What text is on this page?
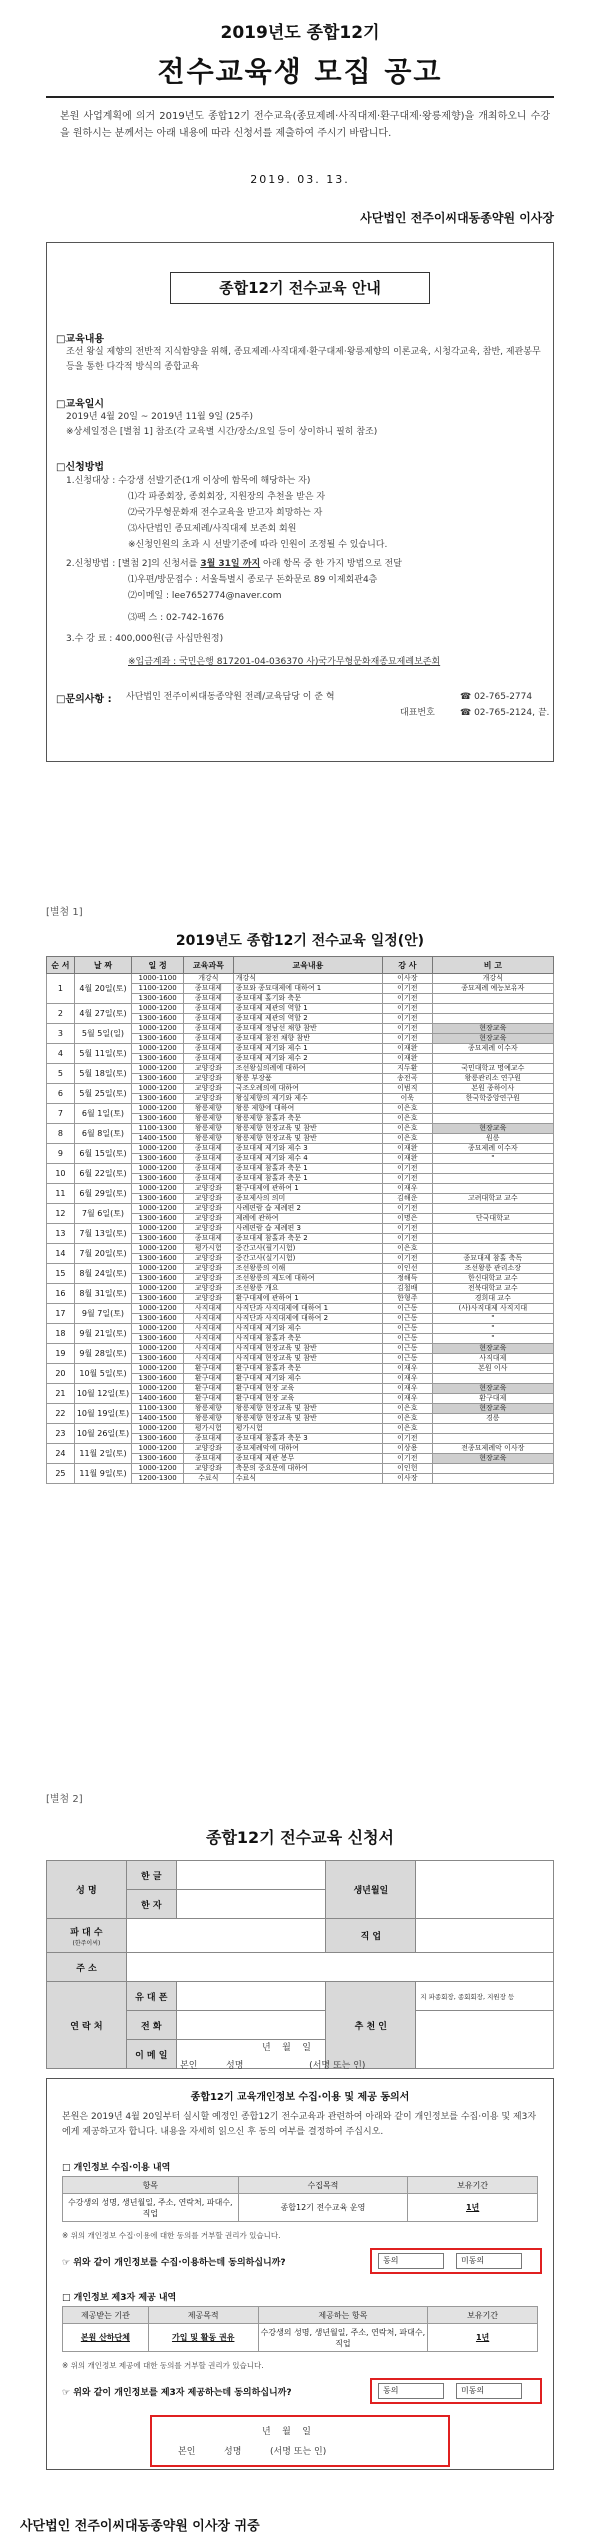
2019년도 종합12기
전수교육생 모집 공고
본원 사업계획에 의거 2019년도 종합12기 전수교육(종묘제례·사직대제·환구대제·왕릉제향)을 개최하오니 수강을 원하시는 분께서는 아래 내용에 따라 신청서를 제출하여 주시기 바랍니다.
2019. 03. 13.
사단법인 전주이씨대동종약원 이사장
종합12기 전수교육 안내
□교육내용
조선 왕실 제향의 전반적 지식함양을 위해, 종묘제례·사직대제·환구대제·왕릉제향의 이론교육, 시청각교육, 참반, 제관봉무 등을 통한 다각적 방식의 종합교육
□교육일시
2019년 4월 20일 ~ 2019년 11월 9일 (25주)
※상세일정은 [별첨 1] 참조(각 교육별 시간/장소/요일 등이 상이하니 필히 참조)
□신청방법
1.신청대상 : 수강생 선발기준(1개 이상에 함목에 해당하는 자)
⑴각 파종회장, 종회회장, 지원장의 추천을 받은 자
⑵국가무형문화재 전수교육을 받고자 희망하는 자
⑶사단법인 종묘제례/사직대제 보존회 회원
※신청인원의 초과 시 선발기준에 따라 인원이 조정될 수 있습니다.
2.신청방법 : [별첨 2]의 신청서를 3월 31일 까지 아래 항목 중 한 가지 방법으로 전달
⑴우편/방문접수 : 서울특별시 종로구 돈화문로 89 이제회관4층
⑵이메일 : lee7652774@naver.com
⑶팩 스 : 02-742-1676
3.수 강 료 : 400,000원(금 사십만원정)
※입금계좌 : 국민은행 817201-04-036370 사)국가무형문화재종묘제례보존회
□문의사항 : 사단법인 전주이씨대동종약원 전례/교육담당 이 준 혁	☎ 02-765-2774
대표번호	☎ 02-765-2124, 끝.
[별첨 1]
2019년도 종합12기 전수교육 일정(안)
순 서	날 짜	일 정	교육과목	교육내용	강 사	비 고
1	4월 20일(토)	1000-1100	개강식	개강식	이사장	개강식
		1100-1200	종묘대제	종묘와 종묘대제에 대하여 1	이기전	종묘제례 예능보유자
		1300-1600	종묘대제	종묘대제 홀기와 축문	이기전	
2	4월 27일(토)	1000-1200	종묘대제	종묘대제 제관의 역할 1	이기전	
		1300-1600	종묘대제	종묘대제 제관의 역할 2	이기전	
3	5월 5일(일)	1000-1200	종묘대제	종묘대제 정남선 채향 참반	이기전	현장교육
		1300-1600	종묘대제	종묘대제 참전 채향 참반	이기전	현장교육
4	5월 11일(토)	1000-1200	종묘대제	종묘대제 제기와 제수 1	이재완	종묘제례 이수자
		1300-1600	종묘대제	종묘대제 제기와 제수 2	이재완	
5	5월 18일(토)	1000-1200	교양강좌	조선왕실의례에 대하여	지두환	국민대학교 명예교수
		1300-1600	교양강좌	왕릉 부장품	송전곡	왕릉관리소 연구원
6	5월 25일(토)	1000-1200	교양강좌	국조오례의에 대하여	이범직	본원 종하이사
		1300-1600	교양강좌	왕실제향의 제기와 제수	이욱	한국학중앙연구원
7	6월 1일(토)	1000-1200	왕릉제향	왕릉 제향에 대하여	이은호	
		1300-1600	왕릉제향	왕릉제향 참홀과 축문	이은호	
8	6월 8일(토)	1100-1300	왕릉제향	왕릉제향 현장교육 및 참반	이은호	현장교육
		1400-1500	왕릉제향	왕릉제향 현장교육 및 참반	이은호	원릉
9	6월 15일(토)	1000-1200	종묘대제	종묘대제 제기와 제수 3	이재완	종묘제례 이수자
		1300-1600	종묘대제	종묘대제 제기와 제수 4	이재완	"
10	6월 22일(토)	1000-1200	종묘대제	종묘대제 참홀과 축문 1	이기전	
		1300-1600	종묘대제	종묘대제 참홀과 축문 1	이기전	
11	6월 29일(토)	1000-1200	교양강좌	환구대제에 관하여 1	이재우	
		1300-1600	교양강좌	종묘제사의 의미	김해운	고려대학교 교수
12	7월 6일(토)	1000-1200	교양강좌	사례편람 습 제례편 2	이기전	
		1300-1600	교양강좌	제례에 관하여	이명은	단국대학교
13	7월 13일(토)	1000-1200	교양강좌	사례편람 습 제례편 3	이기전	
		1300-1600	종묘대제	종묘대제 참홀과 축문 2	이기전	
14	7월 20일(토)	1000-1200	평가시험	중간고사(필기시험)	이은호	
		1300-1600	교양강좌	중간고사(실기시험)	이기전	종묘대제 참홀 축독
15	8월 24일(토)	1000-1200	교양강좌	조선왕릉의 이해	이인선	조선왕릉 관리소장
		1300-1600	교양강좌	조선왕릉의 제도에 대하여	정해득	한신대학교 교수
16	8월 31일(토)	1000-1200	교양강좌	조선왕릉 개요	김철배	전북대학교 교수
		1300-1600	교양강좌	환구대제에 관하여 1	한형주	경희대 교수
17	9월 7일(토)	1000-1200	사직대제	사직단과 사직대제에 대하여 1	이근동	(사)사직대제 사직지대
		1300-1600	사직대제	사직단과 사직대제에 대하여 2	이근동	"
18	9월 21일(토)	1000-1200	사직대제	사직대제 제기와 제수	이근동	"
		1300-1600	사직대제	사직대제 참홀과 축문	이근동	"
19	9월 28일(토)	1000-1200	사직대제	사직대제 현장교육 및 참반	이근동	현장교육
		1300-1600	사직대제	사직대제 현장교육 및 참반	이근동	사직대제
20	10월 5일(토)	1000-1200	환구대제	환구대제 참홀과 축문	이재우	본원 이사
		1300-1600	환구대제	환구대제 제기와 제수	이재우	
21	10월 12일(토)	1000-1200	환구대제	환구대제 현장 교육	이재우	현장교육
		1400-1600	환구대제	환구대제 현장 교육	이재우	환구대제
22	10월 19일(토)	1100-1300	왕릉제향	왕릉제향 현장교육 및 참반	이은호	현장교육
		1400-1500	왕릉제향	왕릉제향 현장교육 및 참반	이은호	경릉
23	10월 26일(토)	1000-1200	평가시험	평가시험	이은호	
		1300-1600	종묘대제	종묘대제 참홀과 축문 3	이기전	
24	11월 2일(토)	1000-1200	교양강좌	종묘제례악에 대하여	이상용	전종묘제례악 이사장
		1300-1600	종묘대제	종묘대제 제관 봉무	이기전	현장교육
25	11월 9일(토)	1000-1200	교양강좌	축문의 중요문에 대하여	이인헌	
		1200-1300	수료식	수료식	이사장	
[별첨 2]
종합12기 전수교육 신청서
성 명	한 글		생년월일	
	한 자			

파 대 수
(한주이씨)			직 업	
주 소				
연 락 처	유 대 폰		추 천 인	지 파종회장, 종회회장, 지원장 등
	전 화			
	이 메 일			
년    월    일
본인          성명                       (서명 또는 인)
종합12기 교육개인정보 수집·이용 및 제공 동의서
본원은 2019년 4월 20일부터 실시할 예정인 종합12기 전수교육과 관련하여 아래와 같이 개인정보를 수집·이용 및 제3자에게 제공하고자 합니다. 내용을 자세히 읽으신 후 동의 여부를 결정하여 주십시오.
□ 개인정보 수집·이용 내역
항목	수집목적	보유기간
수강생의 성명, 생년월일, 주소, 연락처, 파대수, 직업	종합12기 전수교육 운영	1년
※ 위의 개인정보 수집·이용에 대한 동의를 거부할 권리가 있습니다.
☞ 위와 같이 개인정보를 수집·이용하는데 동의하십니까?	동의	미동의
□ 개인정보 제3자 제공 내역
제공받는 기관	제공목적	제공하는 항목	보유기간
본원 산하단체	가입 및 활동 권유	수강생의 성명, 생년월일, 주소, 연락처, 파대수, 직업	1년
※ 위의 개인정보 제공에 대한 동의를 거부할 권리가 있습니다.
☞ 위와 같이 개인정보를 제3자 제공하는데 동의하십니까?	동의	미동의
년    월    일
본인          성명          (서명 또는 인)
사단법인 전주이씨대동종약원 이사장 귀중
